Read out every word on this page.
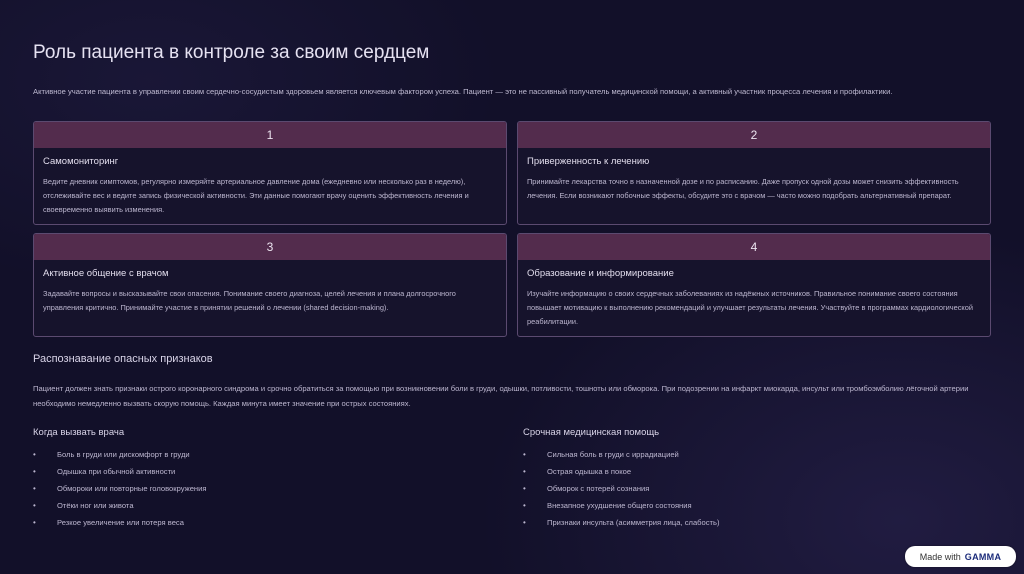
Роль пациента в контроле за своим сердцем
Активное участие пациента в управлении своим сердечно-сосудистым здоровьем является ключевым фактором успеха. Пациент — это не пассивный получатель медицинской помощи, а активный участник процесса лечения и профилактики.
1
Самомониторинг
Ведите дневник симптомов, регулярно измеряйте артериальное давление дома (ежедневно или несколько раз в неделю), отслеживайте вес и ведите запись физической активности. Эти данные помогают врачу оценить эффективность лечения и своевременно выявить изменения.
2
Приверженность к лечению
Принимайте лекарства точно в назначенной дозе и по расписанию. Даже пропуск одной дозы может снизить эффективность лечения. Если возникают побочные эффекты, обсудите это с врачом — часто можно подобрать альтернативный препарат.
3
Активное общение с врачом
Задавайте вопросы и высказывайте свои опасения. Понимание своего диагноза, целей лечения и плана долгосрочного управления критично. Принимайте участие в принятии решений о лечении (shared decision-making).
4
Образование и информирование
Изучайте информацию о своих сердечных заболеваниях из надёжных источников. Правильное понимание своего состояния повышает мотивацию к выполнению рекомендаций и улучшает результаты лечения. Участвуйте в программах кардиологической реабилитации.
Распознавание опасных признаков
Пациент должен знать признаки острого коронарного синдрома и срочно обратиться за помощью при возникновении боли в груди, одышки, потливости, тошноты или обморока. При подозрении на инфаркт миокарда, инсульт или тромбоэмболию лёгочной артерии необходимо немедленно вызвать скорую помощь. Каждая минута имеет значение при острых состояниях.
Когда вызвать врача
•	Боль в груди или дискомфорт в груди
•	Одышка при обычной активности
•	Обмороки или повторные головокружения
•	Отёки ног или живота
•	Резкое увеличение или потеря веса
Срочная медицинская помощь
•	Сильная боль в груди с иррадиацией
•	Острая одышка в покое
•	Обморок с потерей сознания
•	Внезапное ухудшение общего состояния
•	Признаки инсульта (асимметрия лица, слабость)
Made with GAMMA
